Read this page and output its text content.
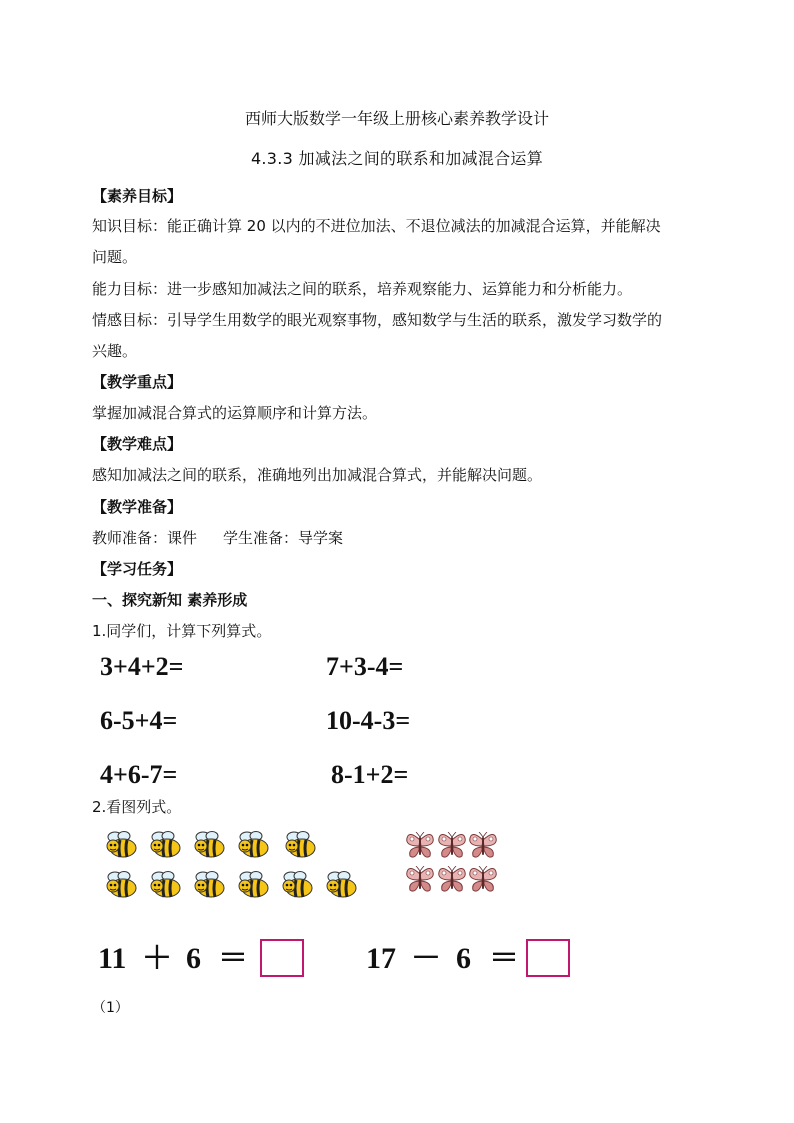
西师大版数学一年级上册核心素养教学设计
4.3.3 加减法之间的联系和加减混合运算
【素养目标】
知识目标：能正确计算 20 以内的不进位加法、不退位减法的加减混合运算，并能解决
问题。
能力目标：进一步感知加减法之间的联系，培养观察能力、运算能力和分析能力。
情感目标：引导学生用数学的眼光观察事物，感知数学与生活的联系，激发学习数学的
兴趣。
【教学重点】
掌握加减混合算式的运算顺序和计算方法。
【教学难点】
感知加减法之间的联系，准确地列出加减混合算式，并能解决问题。
【教学准备】
教师准备：课件 学生准备：导学案
【学习任务】
一、探究新知 素养形成
1.同学们，计算下列算式。
3+4+2=	7+3-4=
6-5+4=	10-4-3=
4+6-7=	8-1+2=
2.看图列式。
11 ＋ 6 ＝	17 － 6 ＝
（1）
